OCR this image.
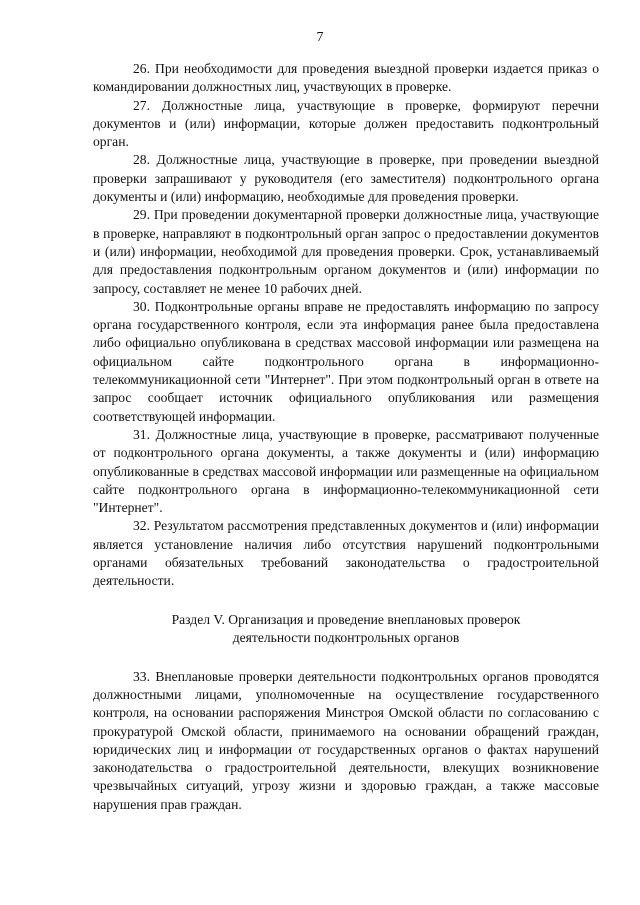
7

26. При необходимости для проведения выездной проверки издается приказ о командировании должностных лиц, участвующих в проверке.

27. Должностные лица, участвующие в проверке, формируют перечни документов и (или) информации, которые должен предоставить подконтрольный орган.

28. Должностные лица, участвующие в проверке, при проведении выездной проверки запрашивают у руководителя (его заместителя) подконтрольного органа документы и (или) информацию, необходимые для проведения проверки.

29. При проведении документарной проверки должностные лица, участвующие в проверке, направляют в подконтрольный орган запрос о предоставлении документов и (или) информации, необходимой для проведения проверки. Срок, устанавливаемый для предоставления подконтрольным органом документов и (или) информации по запросу, составляет не менее 10 рабочих дней.

30. Подконтрольные органы вправе не предоставлять информацию по запросу органа государственного контроля, если эта информация ранее была предоставлена либо официально опубликована в средствах массовой информации или размещена на официальном сайте подконтрольного органа в информационно-телекоммуникационной сети "Интернет". При этом подконтрольный орган в ответе на запрос сообщает источник официального опубликования или размещения соответствующей информации.

31. Должностные лица, участвующие в проверке, рассматривают полученные от подконтрольного органа документы, а также документы и (или) информацию опубликованные в средствах массовой информации или размещенные на официальном сайте подконтрольного органа в информационно-телекоммуникационной сети "Интернет".

32. Результатом рассмотрения представленных документов и (или) информации является установление наличия либо отсутствия нарушений подконтрольными органами обязательных требований законодательства о градостроительной деятельности.

Раздел V. Организация и проведение внеплановых проверок
деятельности подконтрольных органов

33. Внеплановые проверки деятельности подконтрольных органов проводятся должностными лицами, уполномоченные на осуществление государственного контроля, на основании распоряжения Минстроя Омской области по согласованию с прокуратурой Омской области, принимаемого на основании обращений граждан, юридических лиц и информации от государственных органов о фактах нарушений законодательства о градостроительной деятельности, влекущих возникновение чрезвычайных ситуаций, угрозу жизни и здоровью граждан, а также массовые нарушения прав граждан.
